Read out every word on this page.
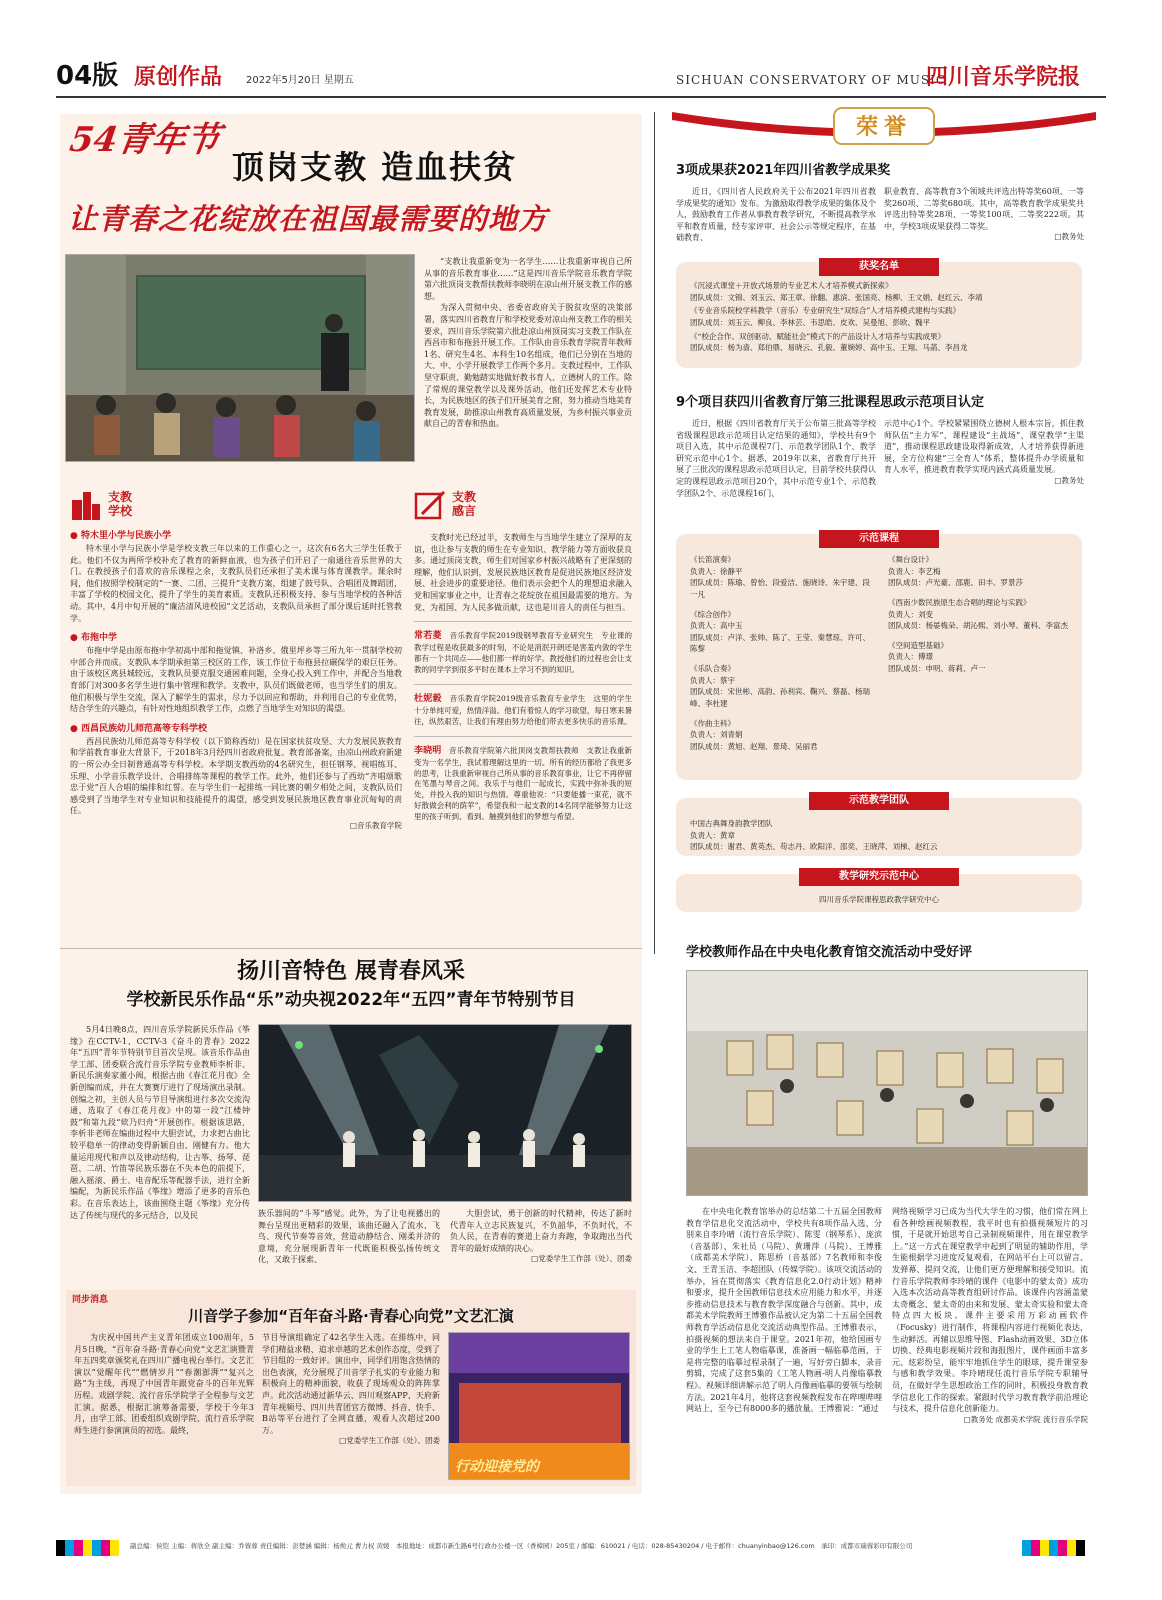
04版 原创作品 2022年5月20日 星期五	SICHUAN CONSERVATORY OF MUSIC
四川音乐学院报
54青年节
顶岗支教 造血扶贫
让青春之花绽放在祖国最需要的地方

“支教让我重新变为一名学生……让我重新审视自己所从事的音乐教育事业……”这是四川音乐学院音乐教育学院第六批顶岗支教帮扶教师李晓明在凉山州开展支教工作的感想。

为深入贯彻中央、省委省政府关于脱贫攻坚的决策部署，落实四川省教育厅和学校党委对凉山州支教工作的相关要求，四川音乐学院第六批赴凉山州顶岗实习支教工作队在西昌市和布拖县开展工作。工作队由音乐教育学院青年教师1名、研究生4名、本科生10名组成，他们已分别在当地的大、中、小学开展教学工作两个多月。支教过程中，工作队坚守职责、勤勉踏实地做好教书育人、立德树人的工作。除了常规的课堂教学以及课外活动，他们还发挥艺术专业特长，为民族地区的孩子们开展美育之窗，努力推动当地美育教育发展，助推凉山州教育高质量发展，为乡村振兴事业贡献自己的青春和热血。

支教学校
● 特木里小学与民族小学

特木里小学与民族小学是学校支教三年以来的工作重心之一，这次有6名大三学生任教于此。他们不仅为两所学校补充了教育的新鲜血液，也为孩子们开启了一扇通往音乐世界的大门。在教授孩子们喜欢的音乐课程之余，支教队员们还承担了美术课与体育课教学。课余时间，他们按照学校制定的“一赛、二团、三提升”支教方案，组建了鼓号队、合唱团及舞蹈团，丰富了学校的校园文化，提升了学生的美育素质。支教队还积极支持、参与当地学校的各种活动。其中，4月中旬开展的“廉洁清风进校园”文艺活动，支教队员承担了部分课后延时托管教学。

● 布拖中学

布拖中学是由原布拖中学初高中部和拖觉镇、补洛乡、俄里坪乡等三所九年一贯制学校初中部合并而成。支教队本学期承担第三校区的工作，该工作位于布拖县拉碾保学的艰巨任务。由于该校区离县城较远，支教队员要克服交通困难问题，全身心投入到工作中，并配合当地教育部门对300多名学生进行集中管理和教学。支教中，队员们既做老师，也当学生们的朋友。他们积极与学生交流，深入了解学生的需求，尽力予以回应和帮助，并利用自己的专业优势，结合学生的兴趣点，有针对性地组织教学工作，点燃了当地学生对知识的渴望。

● 西昌民族幼儿师范高等专科学校

西昌民族幼儿师范高等专科学校（以下简称西幼）是在国家扶贫攻坚、大力发展民族教育和学前教育事业大背景下，于2018年3月经四川省政府批复、教育部备案，由凉山州政府新建的一所公办全日制普通高等专科学校。本学期支教西幼的4名研究生，担任钢琴、视唱练耳、乐理、小学音乐教学设计、合唱排练等课程的教学工作。此外，他们还参与了西幼“齐唱颂歌忠于党”百人合唱的编排和红誓。在与学生们一起排练一同比赛的朝夕相处之间，支教队员们感受到了当地学生对专业知识和技能提升的渴望，感受到发展民族地区教育事业沉甸甸的责任。

□音乐教育学院
支教感言

支教时光已经过半，支教师生与当地学生建立了深厚的友谊，也让参与支教的师生在专业知识、教学能力等方面收获良多。通过顶岗支教，师生们对国家乡村振兴战略有了更深刻的理解，他们认识到，发展民族地区教育是促进民族地区经济发展、社会进步的重要途径。他们表示会把个人的理想追求融入党和国家事业之中，让青春之花绽放在祖国最需要的地方。为党、为祖国、为人民多做贡献，这也是川音人的责任与担当。

常若菱　 音乐教育学院2019级钢琴教育专业研究生　专业课的教学过程是收获最多的时刻，不论是消泯开朗还是害羞内敛的学生都有一个共同点——他们都一样的好学。教授他们的过程也会让支教的同学学到很多平时在课本上学习不到的知识。

杜妮毅　 音乐教育学院2019级音乐教育专业学生　这里的学生十分单纯可爱，热情洋溢。他们有着惊人的学习欲望，每日寒来暑往，纵然艰苦，让我们有理由努力给他们带去更多快乐的音乐课。

李晓明　 音乐教育学院第六批顶岗支教帮扶教师　支教让我重新变为一名学生，我试着理解这里的一切。所有的经历都给了我更多的思考，让我重新审视自己所从事的音乐教育事业，让它不再停留在笔墨与琴音之间。我乐于与他们一起成长，实践中弥补我的短处，并投入我的知识与热情。尊重他说：“只要能播一束花，就不好散做会利的荫苹”，希望我和一起支教的14名同学能够努力让这里的孩子听到、看到、触摸到他们的梦想与希望。

扬川音特色 展青春风采
学校新民乐作品“乐”动央视2022年“五四”青年节特别节目

5月4日晚8点，四川音乐学院新民乐作品《筝缘》在CCTV-1、CCTV-3《奋斗的青春》2022年“五四”青年节特别节目首次呈现。该音乐作品由学工部、团委联合流行音乐学院专业教师李析非、新民乐演奏家董小阀，根据古曲《春江花月夜》全新创编而成，并在大赛赛厅进行了现场演出录制。创编之初，主创人员与节目导演组进行多次交流沟通，选取了《春江花月夜》中的第一段“江楼钟鼓”和第九段“欸乃归舟”开展创作。根据该思路，李析非老师在编曲过程中大胆尝试，力求把古曲比较平稳单一的律动变得新颖自由、刚健有力。他大量运用现代和声以及律动结构，让古筝、扬琴、琵琶、二胡、竹笛等民族乐器在不失本色的前提下，融入摇滚、爵士、电音配乐等配器手法，进行全新编配，为新民乐作品《筝缘》增添了更多的音乐色彩。在音乐表达上，该曲围绕主题《筝缘》充分传达了传统与现代的多元结合，以及民	族乐器间的“斗琴”感觉。此外，为了让电视播出的舞台呈现出更精彩的效果，该曲还融入了流水、飞鸟、现代节奏等音效，营造动静结合、刚柔并济的意境，充分展现新青年一代既能积极弘扬传统文化，又敢于探索、

大胆尝试，勇于创新的时代精神，传达了新时代青年人立志民族复兴，不负韶华，不负时代，不负人民，在青春的赛道上奋力奔跑，争取跑出当代青年的最好成绩的决心。

□党委学生工作部（处）、团委
同步消息
川音学子参加“百年奋斗路·青春心向党”文艺汇演

为庆祝中国共产主义青年团成立100周年，5月5日晚，“百年奋斗路·青春心向党”文艺汇演暨青年五四奖章颁奖礼在四川广播电视台举行。文艺汇演以“觉醒年代”“燃情岁月”“春潮澎湃”“复兴之路”为主线，再现了中国青年跟党奋斗的百年光辉历程。戏剧学院、流行音乐学院学子全程参与文艺汇演。据悉，根据汇演筹备需要，学校于今年3月，由学工部、团委组织戏剧学院、流行音乐学院师生进行参演演员的初选。最终，

节目导演组确定了42名学生入选。在排练中，同学们精益求精、追求卓越的艺术创作态度，受到了节目组的一致好评。演出中，同学们用饱含热情的出色表演，充分展现了川音学子扎实的专业能力和积极向上的精神面貌，收获了现场观众的阵阵掌声。此次活动通过新华云、四川观察APP、天府新青年视频号、四川共青团官方微博、抖音、快手、B站等平台进行了全网直播，观看人次超过200万。

□党委学生工作部（处）、团委
行动迎接党的
荣誉
3项成果获2021年四川省教学成果奖

近日，《四川省人民政府关于公布2021年四川省教学成果奖的通知》发布。为激励取得教学成果的集体及个人，鼓励教育工作者从事教育教学研究，不断提高教学水平和教育质量，经专家评审、社会公示等规定程序，在基础教育、

职业教育、高等教育3个领域共评选出特等奖60项、一等奖260项、二等奖680项。其中，高等教育教学成果奖共评选出特等奖28项、一等奖100项、二等奖222项。其中，学校3项成果获得二等奖。

□教务处
获奖名单
《沉浸式课堂＋开放式场景的专业艺术人才培养模式新探索》
团队成员：文锦、刘玉云、郑王章、徐翻、惠滨、张国亮、杨柳、王文娟、赵红云、李靖
《专业音乐院校学科教学（音乐）专业研究生“双综合”人才培养模式建构与实践》
团队成员：刘玉云、柳良、李林芸、韦思皓、皮欢、吴曼旭、彭欧、魏平
《“校企合作、双创驱动、赋能社会”模式下的产品设计人才培养与实践成果》
团队成员：杨为啬、郑伯鼎、易晓云、孔毅、董婉婷、高中玉、王翔、马菡、李昌龙
9个项目获四川省教育厅第三批课程思政示范项目认定

近日，根据《四川省教育厅关于公布第三批高等学校省级课程思政示范项目认定结果的通知》，学校共有9个项目入选，其中示范课程7门、示范教学团队1个、教学研究示范中心1个。据悉，2019年以来，省教育厅共开展了三批次的课程思政示范项目认定，目前学校共获得认定的课程思政示范项目20个，其中示范专业1个、示范教学团队2个、示范课程16门、

示范中心1个。学校紧紧围绕立德树人根本宗旨，抓住教师队伍“主力军”、课程建设“主战场”、课堂教学“主渠道”，推动课程思政建设取得新成效，人才培养获得新进展，全方位构建“三全育人”体系，整体提升办学质量和育人水平，推进教育教学实现内涵式高质量发展。

□教务处
示范课程
《长笛演奏》
负责人：徐静平
团队成员：陈瑜、曾怡、段爱洁、施晓诗、朱宇建、段一凡
《综合创作》
负责人：高中玉
团队成员：卢洋、张帅、陈了、王莹、秦慧琼、许可、陈黎
《乐队合奏》
负责人：蔡宇
团队成员：宋世彬、高韵、孙利宾、鞠兴、蔡磊、杨瑞峰、李杜建
《作曲主科》
负责人：刘青娟
团队成员：黄旭、赵翔、景琦、吴丽君
《舞台设计》
负责人：李艺梅
团队成员：卢光豪、邵鹿、田丰、罗景莎
《西南少数民族原生态合唱的理论与实践》
负责人：刘变
团队成员：杨晏梅朵、胡沁熙、刘小琴、董科、李富杰
《空间造型基础》
负责人：傅璟
团队成员：申明、蒋莉、卢一
示范教学团队
中国古典舞身韵教学团队
负责人：黄章
团队成员：谢君、黄英杰、苟志丹、欧阳洋、邵奕、王晓萍、刘梯、赵红云
教学研究示范中心
四川音乐学院课程思政教学研究中心
学校教师作品在中央电化教育馆交流活动中受好评

在中央电化教育馆举办的总结第二十五届全国教师教育学信息化交流活动中，学校共有8项作品入选，分别来自李玲晴（流行音乐学院）、陈雯（钢琴系）、庞滨（音基部）、朱社员（马院）、黄珊萍（马院）、王博雅（成都美术学院）、陈思桥（音基部）7名教师和李俊文、王青玉洁、李超团队（传媒学院）。该项交流活动的举办，旨在贯彻落实《教育信息化2.0行动计划》精神和要求，提升全国教师信息技术应用能力和水平，并逐步推动信息技术与教育教学深度融合与创新。其中，成都美术学院教师王博雅作品被认定为第二十五届全国教师教育学活动信息化交流活动典型作品。王博雅表示，拍摄视频的想法来自于课堂。2021年初，他给国画专业的学生上工笔人物临摹课，准备画一幅临摹范画，于是将完整的临摹过程录制了一遍，写好旁白脚本，录音剪辑，完成了这套5集的《工笔人物画-明人肖像临摹教程》。视频详细讲解示范了明人肖像画临摹的要领与绘制方法。2021年4月，他将这套视频教程发布在哔哩哔哩网站上，至今已有8000多的播放量。王博雅说：“通过

网络视频学习已成为当代大学生的习惯，他们常在网上看各种绘画视频教程，我平时也有拍摄视频短片的习惯，于是就开始思考自己录制视频课件，用在课堂教学上。”这一方式在课堂教学中起到了明显的辅助作用，学生能根据学习进度反复观看，在网站平台上可以留言、发弹幕、提问交流，让他们更方便理解和接受知识。流行音乐学院教师李玲晴的课件《电影中的蒙太奇》成功入选本次活动高等教育组研讨作品。该课件内容涵盖蒙太奇概念、蒙太奇的由来和发展、蒙太奇实验和蒙太奇特点四大板块。课件主要采用万彩动画软件（Focusky）进行制作，将课程内容进行视频化表达，生动鲜活。再辅以思维导图、Flash动画效果、3D立体切换、经典电影视频片段和海报图片，课件画面丰富多元、炫彩纷呈，能牢牢地抓住学生的眼球，提升课堂参与感和教学效果。李玲晴现任流行音乐学院专职辅导员，在做好学生思想政治工作的同时，积极投身教育教学信息化工作的探索。紧跟时代学习教育教学前沿理论与技术，提升信息化创新能力。

□教务处 成都美术学院 流行音乐学院
副总编：侯铠 主编：蒋欣全 副主编：乔蓉蓉 责任编辑：彭楚涵 编辑：杨焕元 曹力权 黄媛　 本报地址：成都市新生路6号行政办公楼一区（香樟园）205室 / 邮编：610021 / 电话：028-85430204 / 电子邮件：chuanyinbao@126.com　 承印：成都市瑞蓉彩印有限公司
